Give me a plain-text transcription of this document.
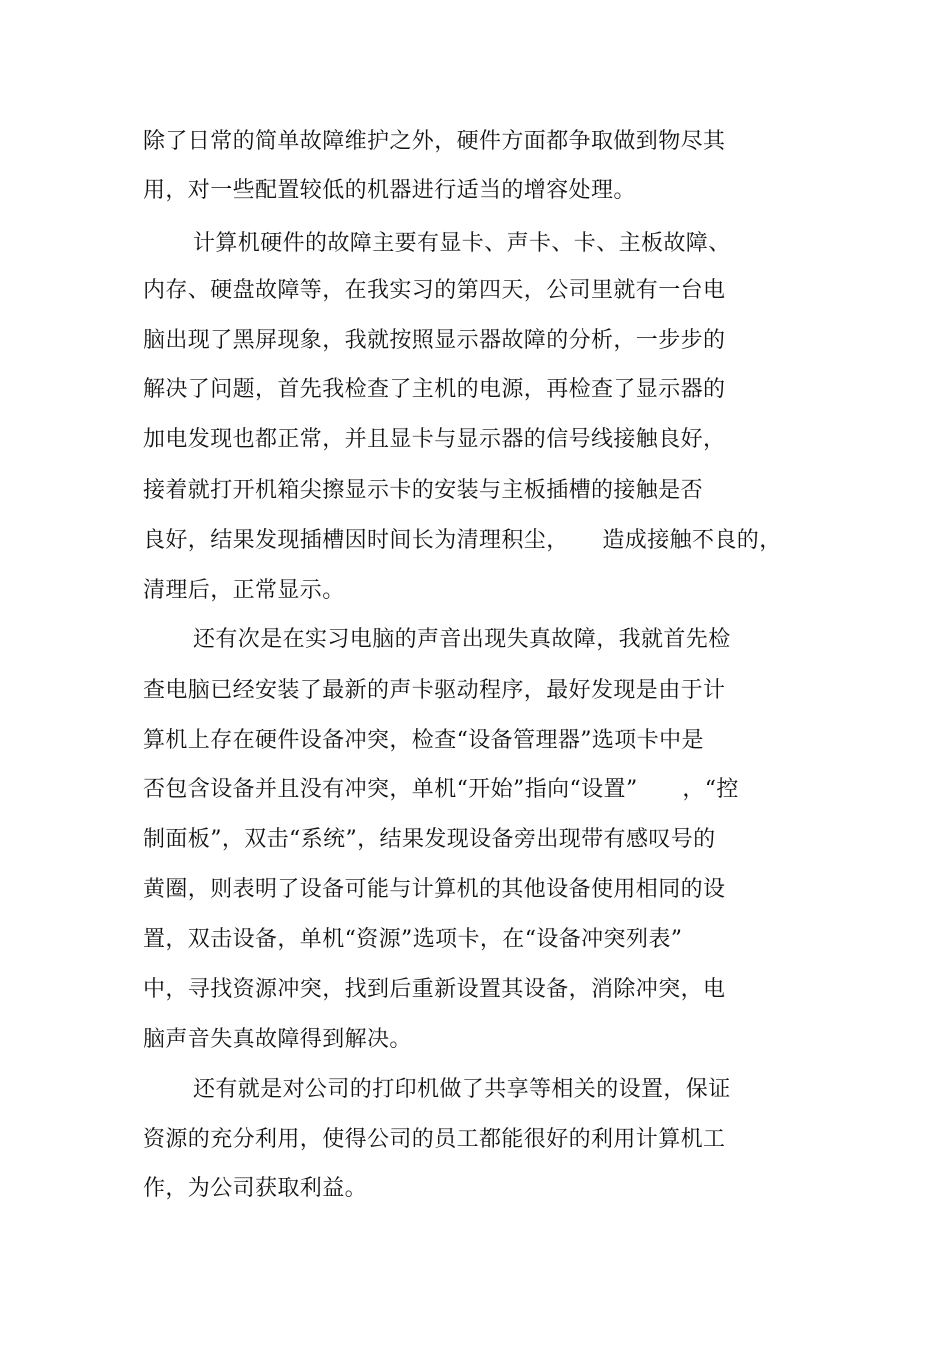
除了日常的简单故障维护之外，硬件方面都争取做到物尽其
用，对一些配置较低的机器进行适当的增容处理。
计算机硬件的故障主要有显卡、声卡、卡、主板故障、
内存、硬盘故障等，在我实习的第四天，公司里就有一台电
脑出现了黑屏现象，我就按照显示器故障的分析，一步步的
解决了问题，首先我检查了主机的电源，再检查了显示器的
加电发现也都正常，并且显卡与显示器的信号线接触良好，
接着就打开机箱尖擦显示卡的安装与主板插槽的接触是否
良好，结果发现插槽因时间长为清理积尘，　　造成接触不良的，
清理后，正常显示。
还有次是在实习电脑的声音出现失真故障，我就首先检
查电脑已经安装了最新的声卡驱动程序，最好发现是由于计
算机上存在硬件设备冲突，检查“设备管理器”选项卡中是
否包含设备并且没有冲突，单机“开始”指向“设置”　　，“控
制面板”，双击“系统”，结果发现设备旁出现带有感叹号的
黄圈，则表明了设备可能与计算机的其他设备使用相同的设
置，双击设备，单机“资源”选项卡，在“设备冲突列表”
中，寻找资源冲突，找到后重新设置其设备，消除冲突，电
脑声音失真故障得到解决。
还有就是对公司的打印机做了共享等相关的设置，保证
资源的充分利用，使得公司的员工都能很好的利用计算机工
作，为公司获取利益。
